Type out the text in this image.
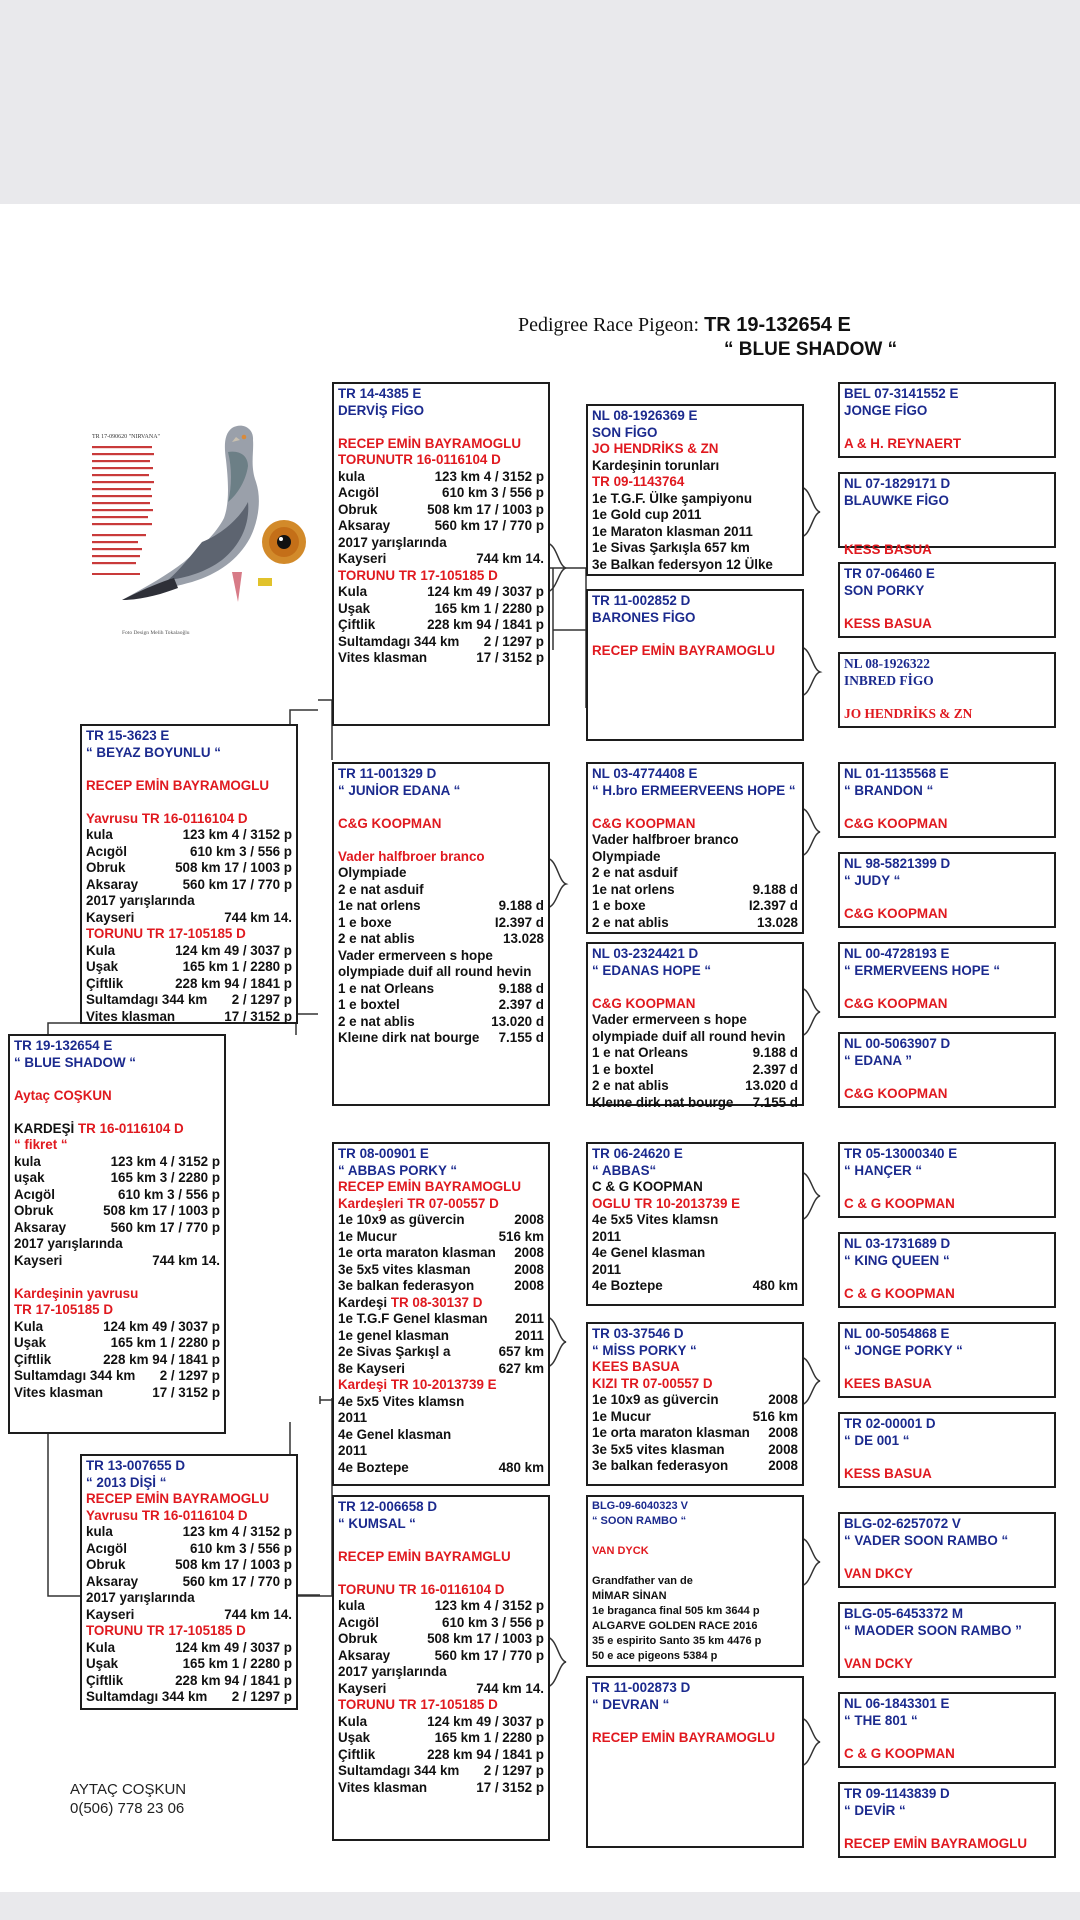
Pedigree Race Pigeon: TR 19-132654 E
“ BLUE SHADOW “
TR 17-090620 "NIRVANA"
Foto Design Melih Tokalaoğlu
TR 19-132654 E
“ BLUE SHADOW “
Aytaç COŞKUN
KARDEŞİ TR 16-0116104 D
“ fikret “
kula	123 km 4 / 3152 p
uşak	165 km 3 / 2280 p
Acıgöl	610 km 3 / 556 p
Obruk	508 km 17 / 1003 p
Aksaray	560 km 17 / 770 p
2017 yarışlarında
Kayseri	744 km 14.
Kardeşinin yavrusu
TR 17-105185 D
Kula	124 km 49 / 3037 p
Uşak	165 km 1 / 2280 p
Çiftlik	228 km 94 / 1841 p
Sultamdagı 344 km 2 / 1297 p
Vites klasman	17 / 3152 p
TR 15-3623 E
“ BEYAZ BOYUNLU “
RECEP EMİN BAYRAMOGLU
Yavrusu TR 16-0116104 D
kula	123 km 4 / 3152 p
Acıgöl	610 km 3 / 556 p
Obruk	508 km 17 / 1003 p
Aksaray	560 km 17 / 770 p
2017 yarışlarında
Kayseri	744 km 14.
TORUNU TR 17-105185 D
Kula	124 km 49 / 3037 p
Uşak	165 km 1 / 2280 p
Çiftlik	228 km 94 / 1841 p
Sultamdagı 344 km 2 / 1297 p
Vites klasman	17 / 3152 p
TR 13-007655 D
“ 2013 DİŞİ “
RECEP EMİN BAYRAMOGLU
Yavrusu TR 16-0116104 D
kula	123 km 4 / 3152 p
Acıgöl	610 km 3 / 556 p
Obruk	508 km 17 / 1003 p
Aksaray	560 km 17 / 770 p
2017 yarışlarında
Kayseri	744 km 14.
TORUNU TR 17-105185 D
Kula	124 km 49 / 3037 p
Uşak	165 km 1 / 2280 p
Çiftlik	228 km 94 / 1841 p
Sultamdagı 344 km 2 / 1297 p
TR 14-4385 E
DERVİŞ FİGO
RECEP EMİN BAYRAMOGLU
TORUNUTR 16-0116104 D
kula	123 km 4 / 3152 p
Acıgöl	610 km 3 / 556 p
Obruk	508 km 17 / 1003 p
Aksaray	560 km 17 / 770 p
2017 yarışlarında
Kayseri	744 km 14.
TORUNU TR 17-105185 D
Kula	124 km 49 / 3037 p
Uşak	165 km 1 / 2280 p
Çiftlik	228 km 94 / 1841 p
Sultamdagı 344 km 2 / 1297 p
Vites klasman	17 / 3152 p
TR 11-001329 D
“ JUNİOR EDANA “
C&G KOOPMAN
Vader halfbroer branco
Olympiade
2 e nat asduif
1e nat orlens	9.188 d
1 e boxe	I2.397 d
2 e nat ablis	13.028
Vader ermerveen s hope
olympiade duif all round hevin
1 e nat Orleans	9.188 d
1 e boxtel	2.397 d
2 e nat ablis	13.020 d
Kleıne dirk nat bourge 7.155 d
TR 08-00901 E
“ ABBAS PORKY “
RECEP EMİN BAYRAMOGLU
Kardeşleri TR 07-00557 D
1e 10x9 as güvercin	2008
1e Mucur	516 km
1e orta maraton klasman 2008
3e 5x5 vites klasman	2008
3e balkan federasyon	2008
Kardeşi TR 08-30137 D
1e T.G.F Genel klasman 2011
1e genel klasman	2011
2e Sivas Şarkışl a	657 km
8e Kayseri	627 km
Kardeşi TR 10-2013739 E
4e 5x5 Vites klamsn
2011
4e Genel klasman
2011
4e Boztepe	480 km
TR 12-006658 D
“ KUMSAL “
RECEP EMİN BAYRAMGLU
TORUNU TR 16-0116104 D
kula	123 km 4 / 3152 p
Acıgöl	610 km 3 / 556 p
Obruk	508 km 17 / 1003 p
Aksaray	560 km 17 / 770 p
2017 yarışlarında
Kayseri	744 km 14.
TORUNU TR 17-105185 D
Kula	124 km 49 / 3037 p
Uşak	165 km 1 / 2280 p
Çiftlik	228 km 94 / 1841 p
Sultamdagı 344 km 2 / 1297 p
Vites klasman	17 / 3152 p
NL 08-1926369 E
SON FİGO
JO HENDRİKS & ZN
Kardeşinin torunları
TR 09-1143764
1e T.G.F. Ülke şampiyonu
1e Gold cup 2011
1e Maraton klasman 2011
1e Sivas Şarkışla 657 km
3e Balkan federsyon 12 Ülke
TR 11-002852 D
BARONES FİGO
RECEP EMİN BAYRAMOGLU
NL 03-4774408 E
“ H.bro ERMEERVEENS HOPE “
C&G KOOPMAN
Vader halfbroer branco
Olympiade
2 e nat asduif
1e nat orlens	9.188 d
1 e boxe	I2.397 d
2 e nat ablis	13.028
NL 03-2324421 D
“ EDANAS HOPE “
C&G KOOPMAN
Vader ermerveen s hope
olympiade duif all round hevin
1 e nat Orleans	9.188 d
1 e boxtel	2.397 d
2 e nat ablis	13.020 d
Kleıne dirk nat bourge 7.155 d
TR 06-24620 E
“ ABBAS“
C & G KOOPMAN
OGLU TR 10-2013739 E
4e 5x5 Vites klamsn
2011
4e Genel klasman
2011
4e Boztepe	480 km
TR 03-37546 D
“ MİSS PORKY “
KEES BASUA
KIZI TR 07-00557 D
1e 10x9 as güvercin	2008
1e Mucur	516 km
1e orta maraton klasman 2008
3e 5x5 vites klasman	2008
3e balkan federasyon	2008
BLG-09-6040323 V
“ SOON RAMBO “
VAN DYCK
Grandfather van de
MİMAR SİNAN
1e braganca final 505 km 3644 p
ALGARVE GOLDEN RACE 2016
35 e espirito Santo 35 km 4476 p
50 e ace pigeons 5384 p
TR 11-002873 D
“ DEVRAN “
RECEP EMİN BAYRAMOGLU
BEL 07-3141552 E
JONGE FİGO
A & H. REYNAERT
NL 07-1829171 D
BLAUWKE FİGO
KESS BASUA
TR 07-06460 E
SON PORKY
KESS BASUA
NL 08-1926322
INBRED FİGO
JO HENDRİKS & ZN
NL 01-1135568 E
“ BRANDON “
C&G KOOPMAN
NL 98-5821399 D
“ JUDY “
C&G KOOPMAN
NL 00-4728193 E
“ ERMERVEENS HOPE “
C&G KOOPMAN
NL 00-5063907 D
“ EDANA ”
C&G KOOPMAN
TR 05-13000340 E
“ HANÇER “
C & G KOOPMAN
NL 03-1731689 D
“ KING QUEEN “
C & G KOOPMAN
NL 00-5054868 E
“ JONGE PORKY “
KEES BASUA
TR 02-00001 D
“ DE 001 “
KESS BASUA
BLG-02-6257072 V
“ VADER SOON RAMBO “
VAN DKCY
BLG-05-6453372 M
“ MAODER SOON RAMBO ”
VAN DCKY
NL 06-1843301 E
“ THE 801 “
C & G KOOPMAN
TR 09-1143839 D
“ DEVİR “
RECEP EMİN BAYRAMOGLU
AYTAÇ COŞKUN
0(506) 778 23 06
